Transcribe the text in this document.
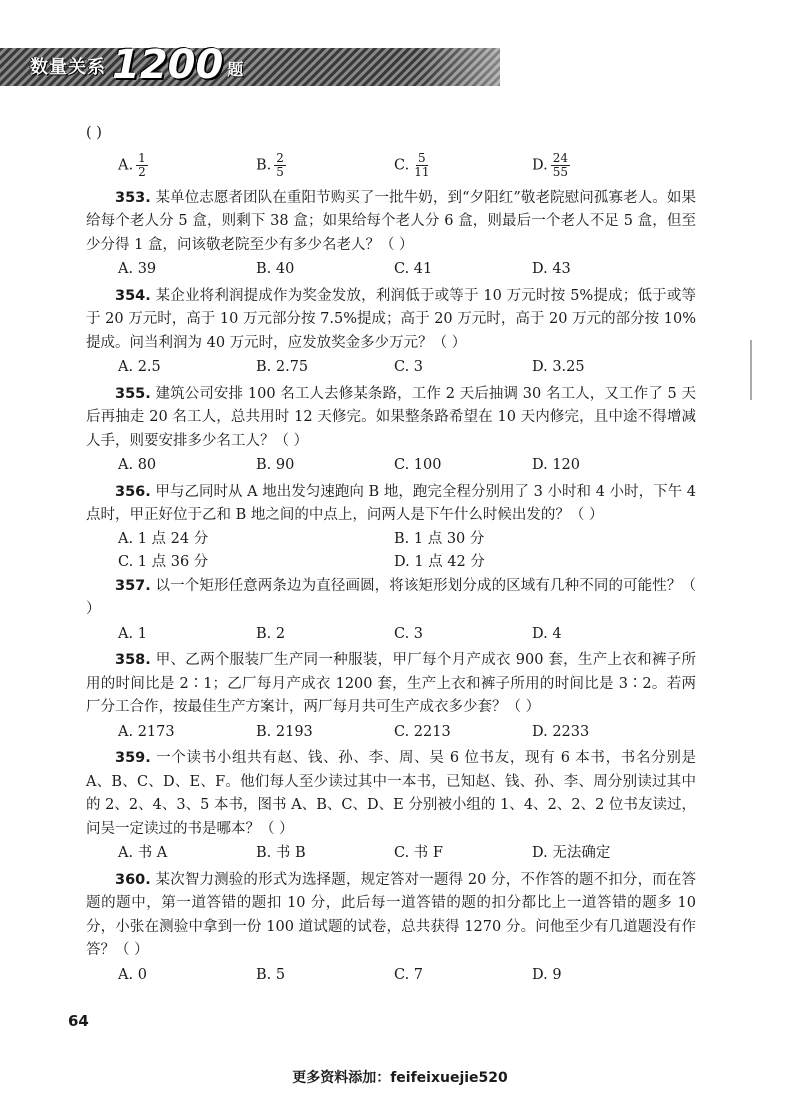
数量关系 1200 题

( )

A. $\frac{1}{2}$	B. $\frac{2}{5}$	C. $\frac{5}{11}$	D. $\frac{24}{55}$

353. 某单位志愿者团队在重阳节购买了一批牛奶，到“夕阳红”敬老院慰问孤寡老人。如果给每个老人分 5 盒，则剩下 38 盒；如果给每个老人分 6 盒，则最后一个老人不足 5 盒，但至少分得 1 盒，问该敬老院至少有多少名老人？（ ）

A. 39	B. 40	C. 41	D. 43

354. 某企业将利润提成作为奖金发放，利润低于或等于 10 万元时按 5%提成；低于或等于 20 万元时，高于 10 万元部分按 7.5%提成；高于 20 万元时，高于 20 万元的部分按 10%提成。问当利润为 40 万元时，应发放奖金多少万元？（ ）

A. 2.5	B. 2.75	C. 3	D. 3.25

355. 建筑公司安排 100 名工人去修某条路，工作 2 天后抽调 30 名工人，又工作了 5 天后再抽走 20 名工人，总共用时 12 天修完。如果整条路希望在 10 天内修完，且中途不得增减人手，则要安排多少名工人？（ ）

A. 80	B. 90	C. 100	D. 120

356. 甲与乙同时从 A 地出发匀速跑向 B 地，跑完全程分别用了 3 小时和 4 小时，下午 4 点时，甲正好位于乙和 B 地之间的中点上，问两人是下午什么时候出发的？（ ）

A. 1 点 24 分	B. 1 点 30 分
C. 1 点 36 分	D. 1 点 42 分

357. 以一个矩形任意两条边为直径画圆，将该矩形划分成的区域有几种不同的可能性？（ ）

A. 1	B. 2	C. 3	D. 4

358. 甲、乙两个服装厂生产同一种服装，甲厂每个月产成衣 900 套，生产上衣和裤子所用的时间比是 2∶1；乙厂每月产成衣 1200 套，生产上衣和裤子所用的时间比是 3∶2。若两厂分工合作，按最佳生产方案计，两厂每月共可生产成衣多少套？（ ）

A. 2173	B. 2193	C. 2213	D. 2233

359. 一个读书小组共有赵、钱、孙、李、周、吴 6 位书友，现有 6 本书，书名分别是 A、B、C、D、E、F。他们每人至少读过其中一本书，已知赵、钱、孙、李、周分别读过其中的 2、2、4、3、5 本书，图书 A、B、C、D、E 分别被小组的 1、4、2、2、2 位书友读过，问吴一定读过的书是哪本？（ ）

A. 书 A	B. 书 B	C. 书 F	D. 无法确定

360. 某次智力测验的形式为选择题，规定答对一题得 20 分，不作答的题不扣分，而在答题的题中，第一道答错的题扣 10 分，此后每一道答错的题的扣分都比上一道答错的题多 10 分，小张在测验中拿到一份 100 道试题的试卷，总共获得 1270 分。问他至少有几道题没有作答？（ ）

A. 0	B. 5	C. 7	D. 9
64
更多资料添加：feifeixuejie520
